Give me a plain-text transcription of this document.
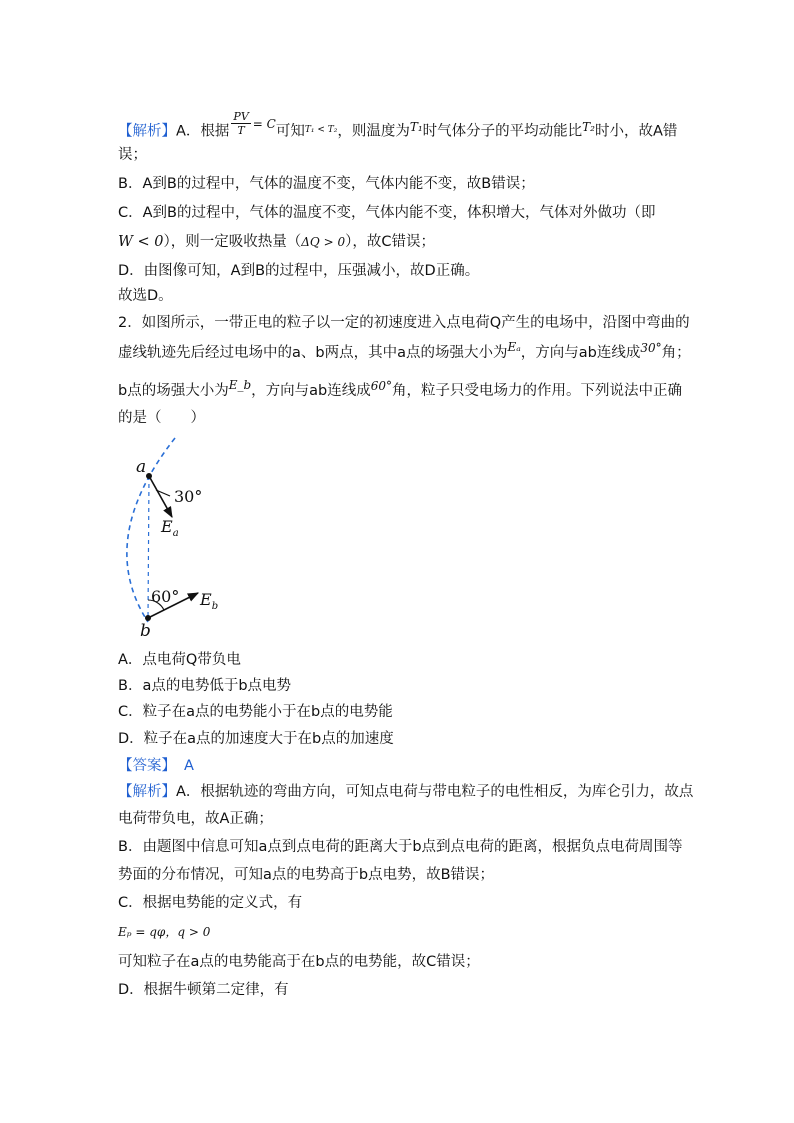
【解析】A．根据 $\frac{PV}{T} ^{= C}$可知$^{T_1 < T_2}$，则温度为$^{T_1}$时气体分子的平均动能比$^{T_2}$时小，故A错
误；
B．A到B的过程中，气体的温度不变，气体内能不变，故B错误；
C．A到B的过程中，气体的温度不变，气体内能不变，体积增大，气体对外做功（即
W < 0），则一定吸收热量（ΔQ > 0），故C错误；
D．由图像可知，A到B的过程中，压强减小，故D正确。
故选D。
2．如图所示，一带正电的粒子以一定的初速度进入点电荷Q产生的电场中，沿图中弯曲的
虚线轨迹先后经过电场中的a、b两点，其中a点的场强大小为$^{E_a}$，方向与ab连线成$^{30^\circ}$角；
b点的场强大小为$^{E\_b}$，方向与ab连线成$^{60^\circ}$角，粒子只受电场力的作用。下列说法中正确
的是（　　）
a
b
30°
$E_a$
60° $E_b$
A．点电荷Q带负电
B．a点的电势低于b点电势
C．粒子在a点的电势能小于在b点的电势能
D．粒子在a点的加速度大于在b点的加速度
【答案】 A
【解析】A．根据轨迹的弯曲方向，可知点电荷与带电粒子的电性相反，为库仑引力，故点
电荷带负电，故A正确；
B．由题图中信息可知a点到点电荷的距离大于b点到点电荷的距离，根据负点电荷周围等
势面的分布情况，可知a点的电势高于b点电势，故B错误；
C．根据电势能的定义式，有
Eₚ = qφ，q > 0
可知粒子在a点的电势能高于在b点的电势能，故C错误；
D．根据牛顿第二定律，有
